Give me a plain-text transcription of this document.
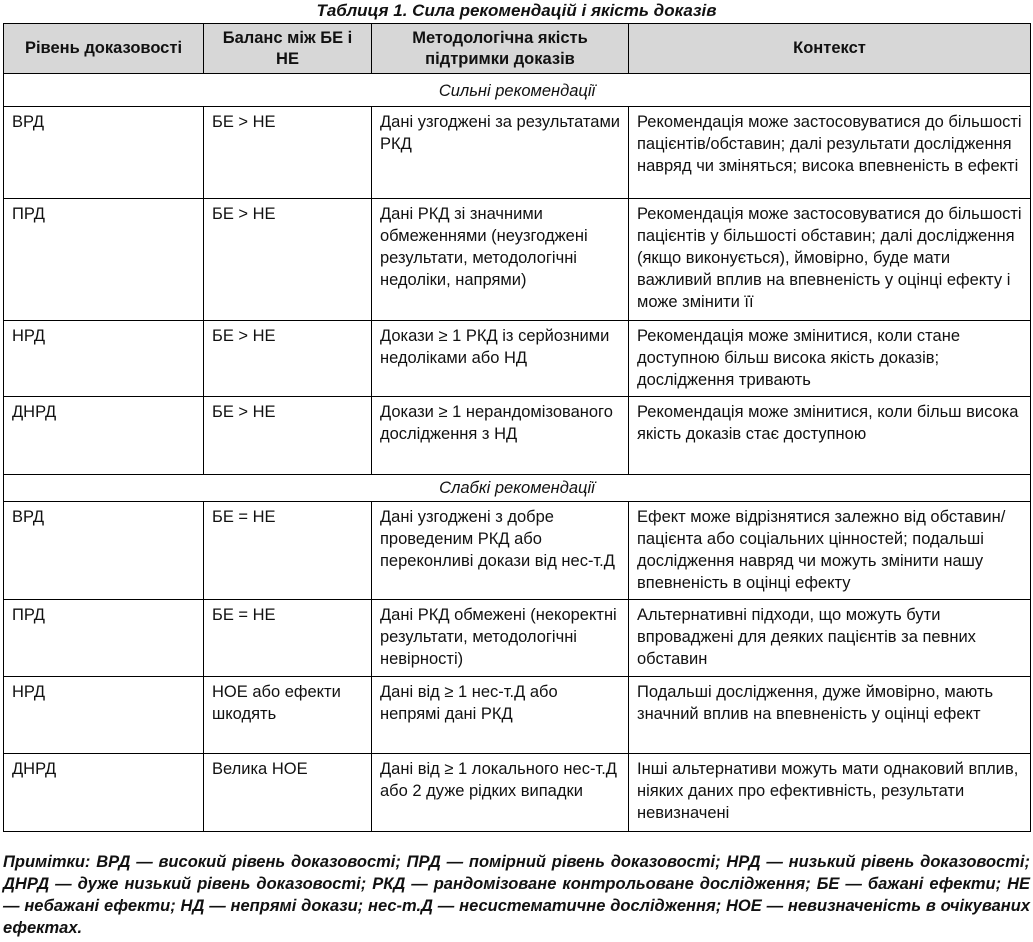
Таблиця 1. Сила рекомендацій і якість доказів
Рівень доказовості	Баланс між БЕ і НЕ	Методологічна якість підтримки доказів	Контекст
Сильні рекомендації			
ВРД	БЕ > НЕ	Дані узгоджені за результатами РКД	Рекомендація може застосовуватися до більшості пацієнтів/обставин; далі результати дослідження навряд чи зміняться; висока впевненість в ефекті
ПРД	БЕ > НЕ	Дані РКД зі значними обмеженнями (неузгоджені результати, методологічні недоліки, напрями)	Рекомендація може застосовуватися до більшості пацієнтів у більшості обставин; далі дослідження (якщо виконується), ймовірно, буде мати важливий вплив на впевненість у оцінці ефекту і може змінити її
НРД	БЕ > НЕ	Докази ≥ 1 РКД із серйозними недоліками або НД	Рекомендація може змінитися, коли стане доступною більш висока якість доказів; дослідження тривають
ДНРД	БЕ > НЕ	Докази ≥ 1 нерандомізованого дослідження з НД	Рекомендація може змінитися, коли більш висока якість доказів стає доступною
Слабкі рекомендації			
ВРД	БЕ = НЕ	Дані узгоджені з добре проведеним РКД або переконливі докази від нес-т.Д	Ефект може відрізнятися залежно від обставин/пацієнта або соціальних цінностей; подальші дослідження навряд чи можуть змінити нашу впевненість в оцінці ефекту
ПРД	БЕ = НЕ	Дані РКД обмежені (некоректні результати, методологічні невірності)	Альтернативні підходи, що можуть бути впроваджені для деяких пацієнтів за певних обставин
НРД	НОЕ або ефекти шкодять	Дані від ≥ 1 нес-т.Д або непрямі дані РКД	Подальші дослідження, дуже ймовірно, мають значний вплив на впевненість у оцінці ефект
ДНРД	Велика НОЕ	Дані від ≥ 1 локального нес-т.Д або 2 дуже рідких випадки	Інші альтернативи можуть мати однаковий вплив, ніяких даних про ефективність, результати невизначені
Примітки: ВРД — високий рівень доказовості; ПРД — помірний рівень доказовості; НРД — низький рівень доказовості; ДНРД — дуже низький рівень доказовості; РКД — рандомізоване контрольоване дослідження; БЕ — бажані ефекти; НЕ — небажані ефекти; НД — непрямі докази; нес-т.Д — несистематичне дослідження; НОЕ — невизначеність в очікуваних ефектах.
